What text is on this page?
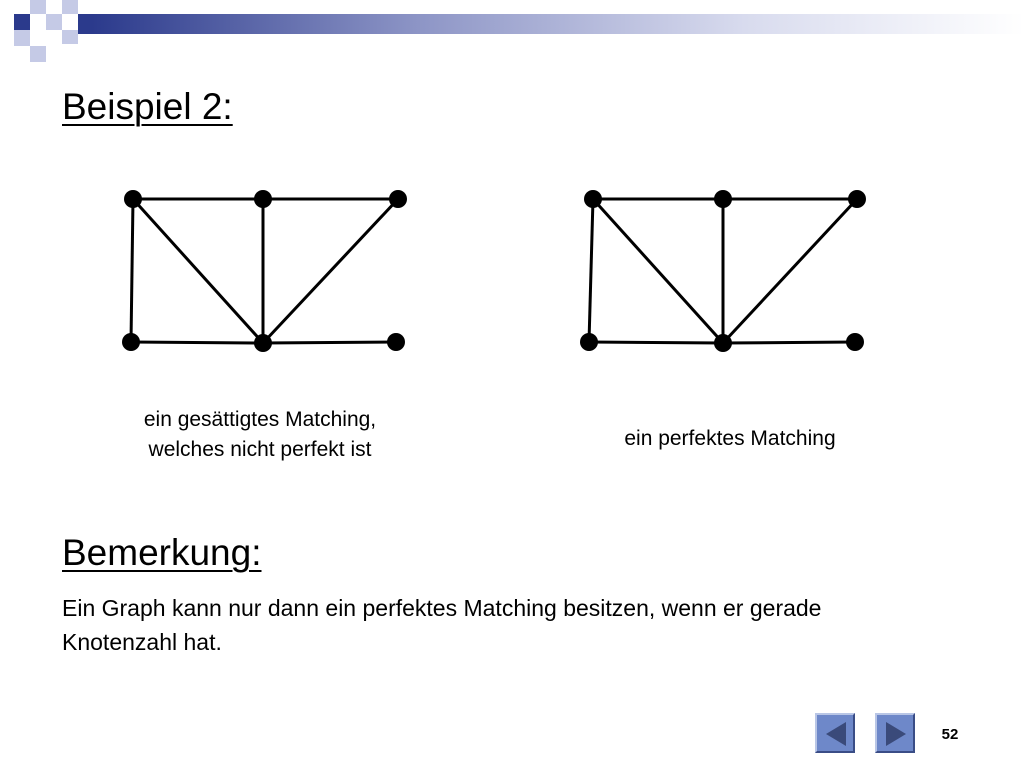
Beispiel 2:
ein gesättigtes Matching,
welches nicht perfekt ist	ein perfektes Matching
Bemerkung:

Ein Graph kann nur dann ein perfektes Matching besitzen, wenn er gerade Knotenzahl hat.

52
